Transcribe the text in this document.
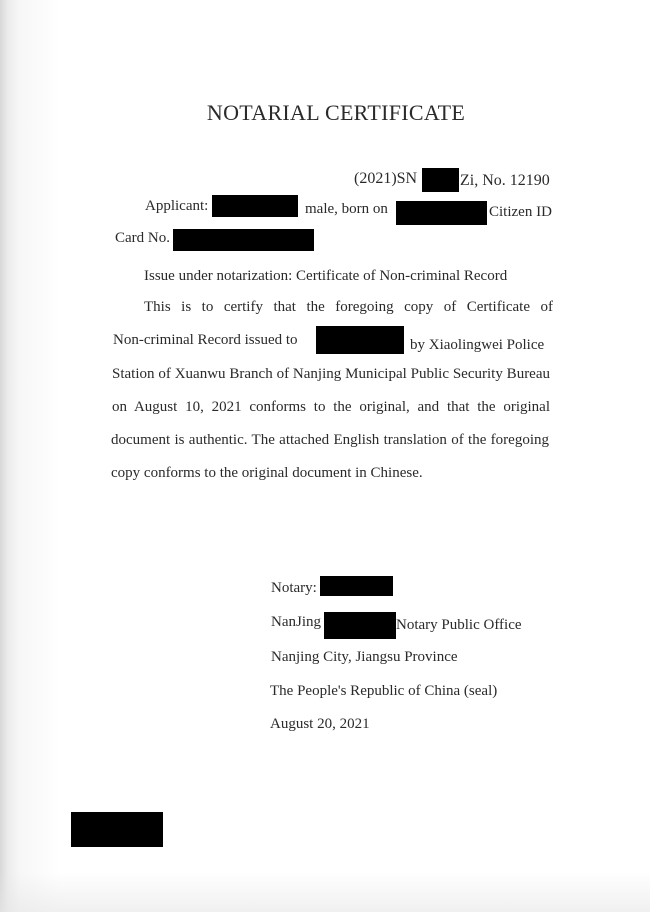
NOTARIAL CERTIFICATE
(2021)SN	Zi, No. 12190
Applicant:	male, born on	Citizen ID
Card No.
Issue under notarization: Certificate of Non-criminal Record
This is to certify that the foregoing copy of Certificate of
Non-criminal Record issued to	by Xiaolingwei Police
Station of Xuanwu Branch of Nanjing Municipal Public Security Bureau
on August 10, 2021 conforms to the original, and that the original
document is authentic. The attached English translation of the foregoing
copy conforms to the original document in Chinese.
Notary:
NanJing	Notary Public Office
Nanjing City, Jiangsu Province
The People's Republic of China (seal)
August 20, 2021
